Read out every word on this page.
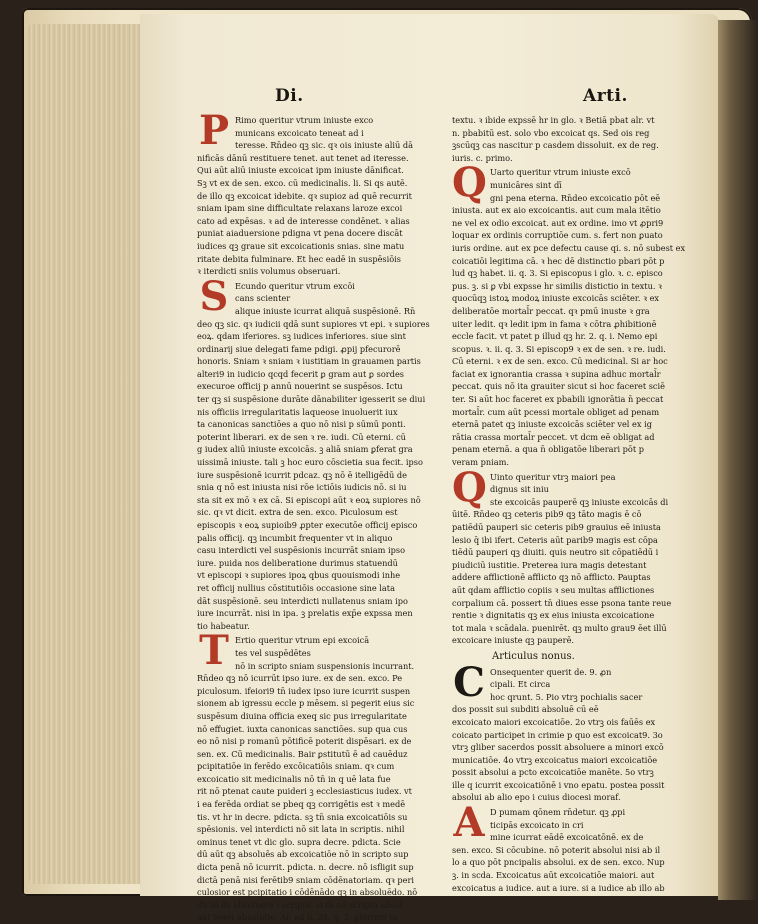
Di.	Arti.
P Rimo queritur vtrum iniuste exco
municans excoicato teneat ad i
teresse. Rn̄deo qꝫ sic. qꝛ ois iniuste aliū dā
nificās dānū restituere tenet. aut tenet ad iteresse.
Qui aūt aliū iniuste excoicat ipm iniuste dānificat.
Sꝫ vt ex de sen. exco. cū medicinalis. li. Si qs autē.
de illo qꝫ excoicat idebite. qꝛ supioz ad quē recurrit
sniam ipam sine difficultate relaxans laroze excoi
cato ad expēsas. ꝛ ad de interesse condēnet. ꝛ alias
puniat aiaduersione pdigna vt pena docere discāt
iudices qꝫ graue sit excoicationis snias. sine matu
ritate debita fulminare. Et hec eadē in suspēsiōis
ꝛ iterdicti sniis volumus obseruari.
S Ecundo queritur vtrum excōi
cans scienter
alique iniuste icurrat aliquā suspēsionē. Rn̄
deo qꝫ sic. qꝛ iudicii qdā sunt supiores vt epi. ꝛ supiores
eoꝝ. qdam iferiores. sꝫ iudices inferiores. siue sint
ordinarij siue delegati fame pdigi. ꝓpij pfecurorē
honoris. Sniam ꝛ sniam ꝛ iustitiam in grauamen partis
alteri9 in iudicio qcqd fecerit ꝑ gram aut ꝑ sordes
execuroe officij p annū nouerint se suspēsos. Ictu
ter qꝫ si suspēsione durāte dānabiliter igesserit se diui
nis officiis irregularitatis laqueose inuoluerit iux
ta canonicas sanctiōes a quo nō nisi p sūmū ponti.
poterint liberari. ex de sen ꝛ re. iudi. Cū eterni. cū
g iudex aliū iniuste excoicās. ꝫ aliā sniam ꝑferat gra
uissimā iniuste. tali ꝫ hoc euro cōscietia sua fecit. ipso
iure suspēsionē icurrit pdcaz. qꝫ nō ē itelligēdū de
snia q nō est iniusta nisi rōe ictiōis iudicis nō. si iu
sta sit ex mō ꝛ ex cā. Si episcopi aūt ꝛ eoꝝ supiores nō
sic. qꝛ vt dicit. extra de sen. exco. Piculosum est
episcopis ꝛ eoꝝ supioib9 ꝓpter executōe officij episco
palis officij. qꝫ incumbit frequenter vt in aliquo
casu interdicti vel suspēsionis incurrāt sniam ipso
iure. puida nos deliberatione durimus statuendū
vt episcopi ꝛ supiores ipoꝝ qbus quouismodi inhe
ret officij nullius cōstitutiōis occasione sine lata
dāt suspēsionē. seu interdicti nullatenus sniam ipo
iure incurrāt. nisi in ipa. ꝫ prelatis exp̄e expssa men
tio habeatur.
T Ertio queritur vtrum epi excoicā
tes vel suspēdētes
nō in scripto sniam suspensionis incurrant.
Rn̄deo qꝫ nō icurrūt ipso iure. ex de sen. exco. Pe
piculosum. ifeiori9 tn̄ iudex ipso iure icurrit suspen
sionem ab igressu eccle p mēsem. si pegerit eius sic
suspēsum diuina officia exeq sic pus irregularitate
nō effugiet. iuxta canonicas sanctiōes. sup qua cus
eo nō nisi p romanū pōtificē poterit dispēsari. ex de
sen. ex. Cū medicinalis. Bair ꝑstitutū ē ad cauēduz
pcipitatiōe in ferēdo excōicatiōis sniam. qꝛ cum
excoicatio sit medicinalis nō tn̄ in q uē lata fue
rit nō ptenat caute puideri ꝫ ecclesiasticus iudex. vt
i ea ferēda ordiat se pbeq qꝫ corrigētis est ꝛ medē
tis. vt hr in decre. pdicta. sꝫ tn̄ snia excoicatiōis su
spēsionis. vel interdicti nō sit lata in scriptis. nihil
ominus tenet vt dic glo. supra decre. pdicta. Scie
dū aūt qꝫ absoluēs ab excoicatiōe nō in scripto sup
dicta penā nō icurrit. pdicta. n. decre. nō isfligit sup
dictā penā nisi ferētib9 sniam cōdēnatoriam. qꝛ peri
culosior est pcipitatio i cōdēnādo qꝫ in absoluēdo. nō
dū tn̄ ds absoluere i scripto. si tn̄ nō scripto absol
uat tenet absolutio. Ar. ad h. 24. q. 3. ꝑterim9 in
textu. ꝛ ibide expssē hr in glo. ꝛ Betiā pbat alr. vt
n. pbabitū est. solo vbo excoicat qs. Sed ois reg
ꝫscūqꝫ cas nascitur p casdem dissoluit. ex de reg.
iuris. c. primo.
Q Uarto queritur vtrum iniuste excō
municāres sint dī
gni pena eterna. Rn̄deo excoicatio pōt eē
iniusta. aut ex aio excoicantis. aut cum mala itētio
ne vel ex odio excoicat. aut ex ordine. imo vt ꝓpri9
loquar ex ordinis corruptiōe cum. s. fert non ꝑuato
iuris ordine. aut ex pce defectu cause qi. s. nō subest ex
coicatiōi legitima cā. ꝛ hec dē distinctio pbari pōt p
lud qꝫ habet. ii. q. 3. Si episcopus i glo. ꝛ. c. episco
pus. ꝫ. si ꝑ vbi expsse hr similis distictio in textu. ꝛ
quocūqꝫ istoꝝ modoꝝ iniuste excoicās sciēter. ꝛ ex
deliberatōe mortal̄r peccat. qꝛ pmū inuste ꝛ gra
uiter ledit. qꝛ ledit ipm in fama ꝛ cōtra ꝓhibitionē
eccle facit. vt patet p illud qꝫ hr. 2. q. i. Nemo epi
scopus. ꝛ. ii. q. 3. Si episcop9 ꝛ ex de sen. ꝛ re. iudi.
Cū eterni. ꝛ ex de sen. exco. Cū medicinal. Si ar hoc
faciat ex ignorantia crassa ꝛ supina adhuc mortal̄r
peccat. quis nō ita grauiter sicut si hoc faceret sciē
ter. Si aūt hoc faceret ex pbabili ignorātia n̄ peccat
mortal̄r. cum aūt pcessi mortale obliget ad penam
eternā patet qꝫ iniuste excoicās sciēter vel ex ig
rātia crassa mortal̄r peccet. vt dcm eē obligat ad
penam eternā. a qua n̄ obligatōe liberari pōt p
veram pniam.
Q Uinto queritur vtrꝫ maiori pea
dignus sit iniu
ste excoicās pauperē qꝫ iniuste excoicās di
ūitē. Rn̄deo qꝫ ceteris pib9 qꝫ tāto magis ē cō
patiēdū pauperi sic ceteris pib9 grauius eē iniusta
lesio q̄ ibi ifert. Ceteris aūt parib9 magis est cōpa
tiēdū pauperi qꝫ diuiti. quis neutro sit cōpatiēdū i
piudiciū iustitie. Preterea iura magis detestant
addere afflictionē afflicto qꝫ nō afflicto. Pauptas
aūt qdam afflictio copiis ꝛ seu multas afflictiones
corpalium cā. possert tn̄ diues esse psona tante reue
rentie ꝛ dignitatis qꝫ ex eius iniusta excoicatione
tot mala ꝛ scādala. puenirēt. qꝫ multo grau9 ēet illū
excoicare iniuste qꝫ pauperē.
Articulus nonus.
C Onsequenter querit de. 9. ꝓn
cipali. Et circa
hoc qrunt. 5. Pio vtrꝫ pochialis sacer
dos possit sui subditi absoluē cū eē
excoicato maiori excoicatiōe. 2o vtrꝫ ois faūēs ex
coicato participet in crimie p quo est excoicat9. 3o
vtrꝫ gliber sacerdos possit absoluere a minori excō
municatiōe. 4o vtrꝫ excoicatus maiori excoicatiōe
possit absolui a pcto excoicatiōe manēte. 5o vtrꝫ
ille q icurrit excoicatiōnē i vno epatu. postea possit
absolui ab alio epo i cuius diocesi moraf.
A D pumam qōnem rn̄detur. qꝫ ꝓpi
ticipās excoicato in cri
mine icurrat eādē excoicatōnē. ex de
sen. exco. Si cōcubine. nō poterit absolui nisi ab il
lo a quo pōt pncipalis absolui. ex de sen. exco. Nup
ꝫ. in scda. Excoicatus aūt excoicatiōe maiori. aut
excoicatus a iudice. aut a iure. si a iudice ab illo ab
